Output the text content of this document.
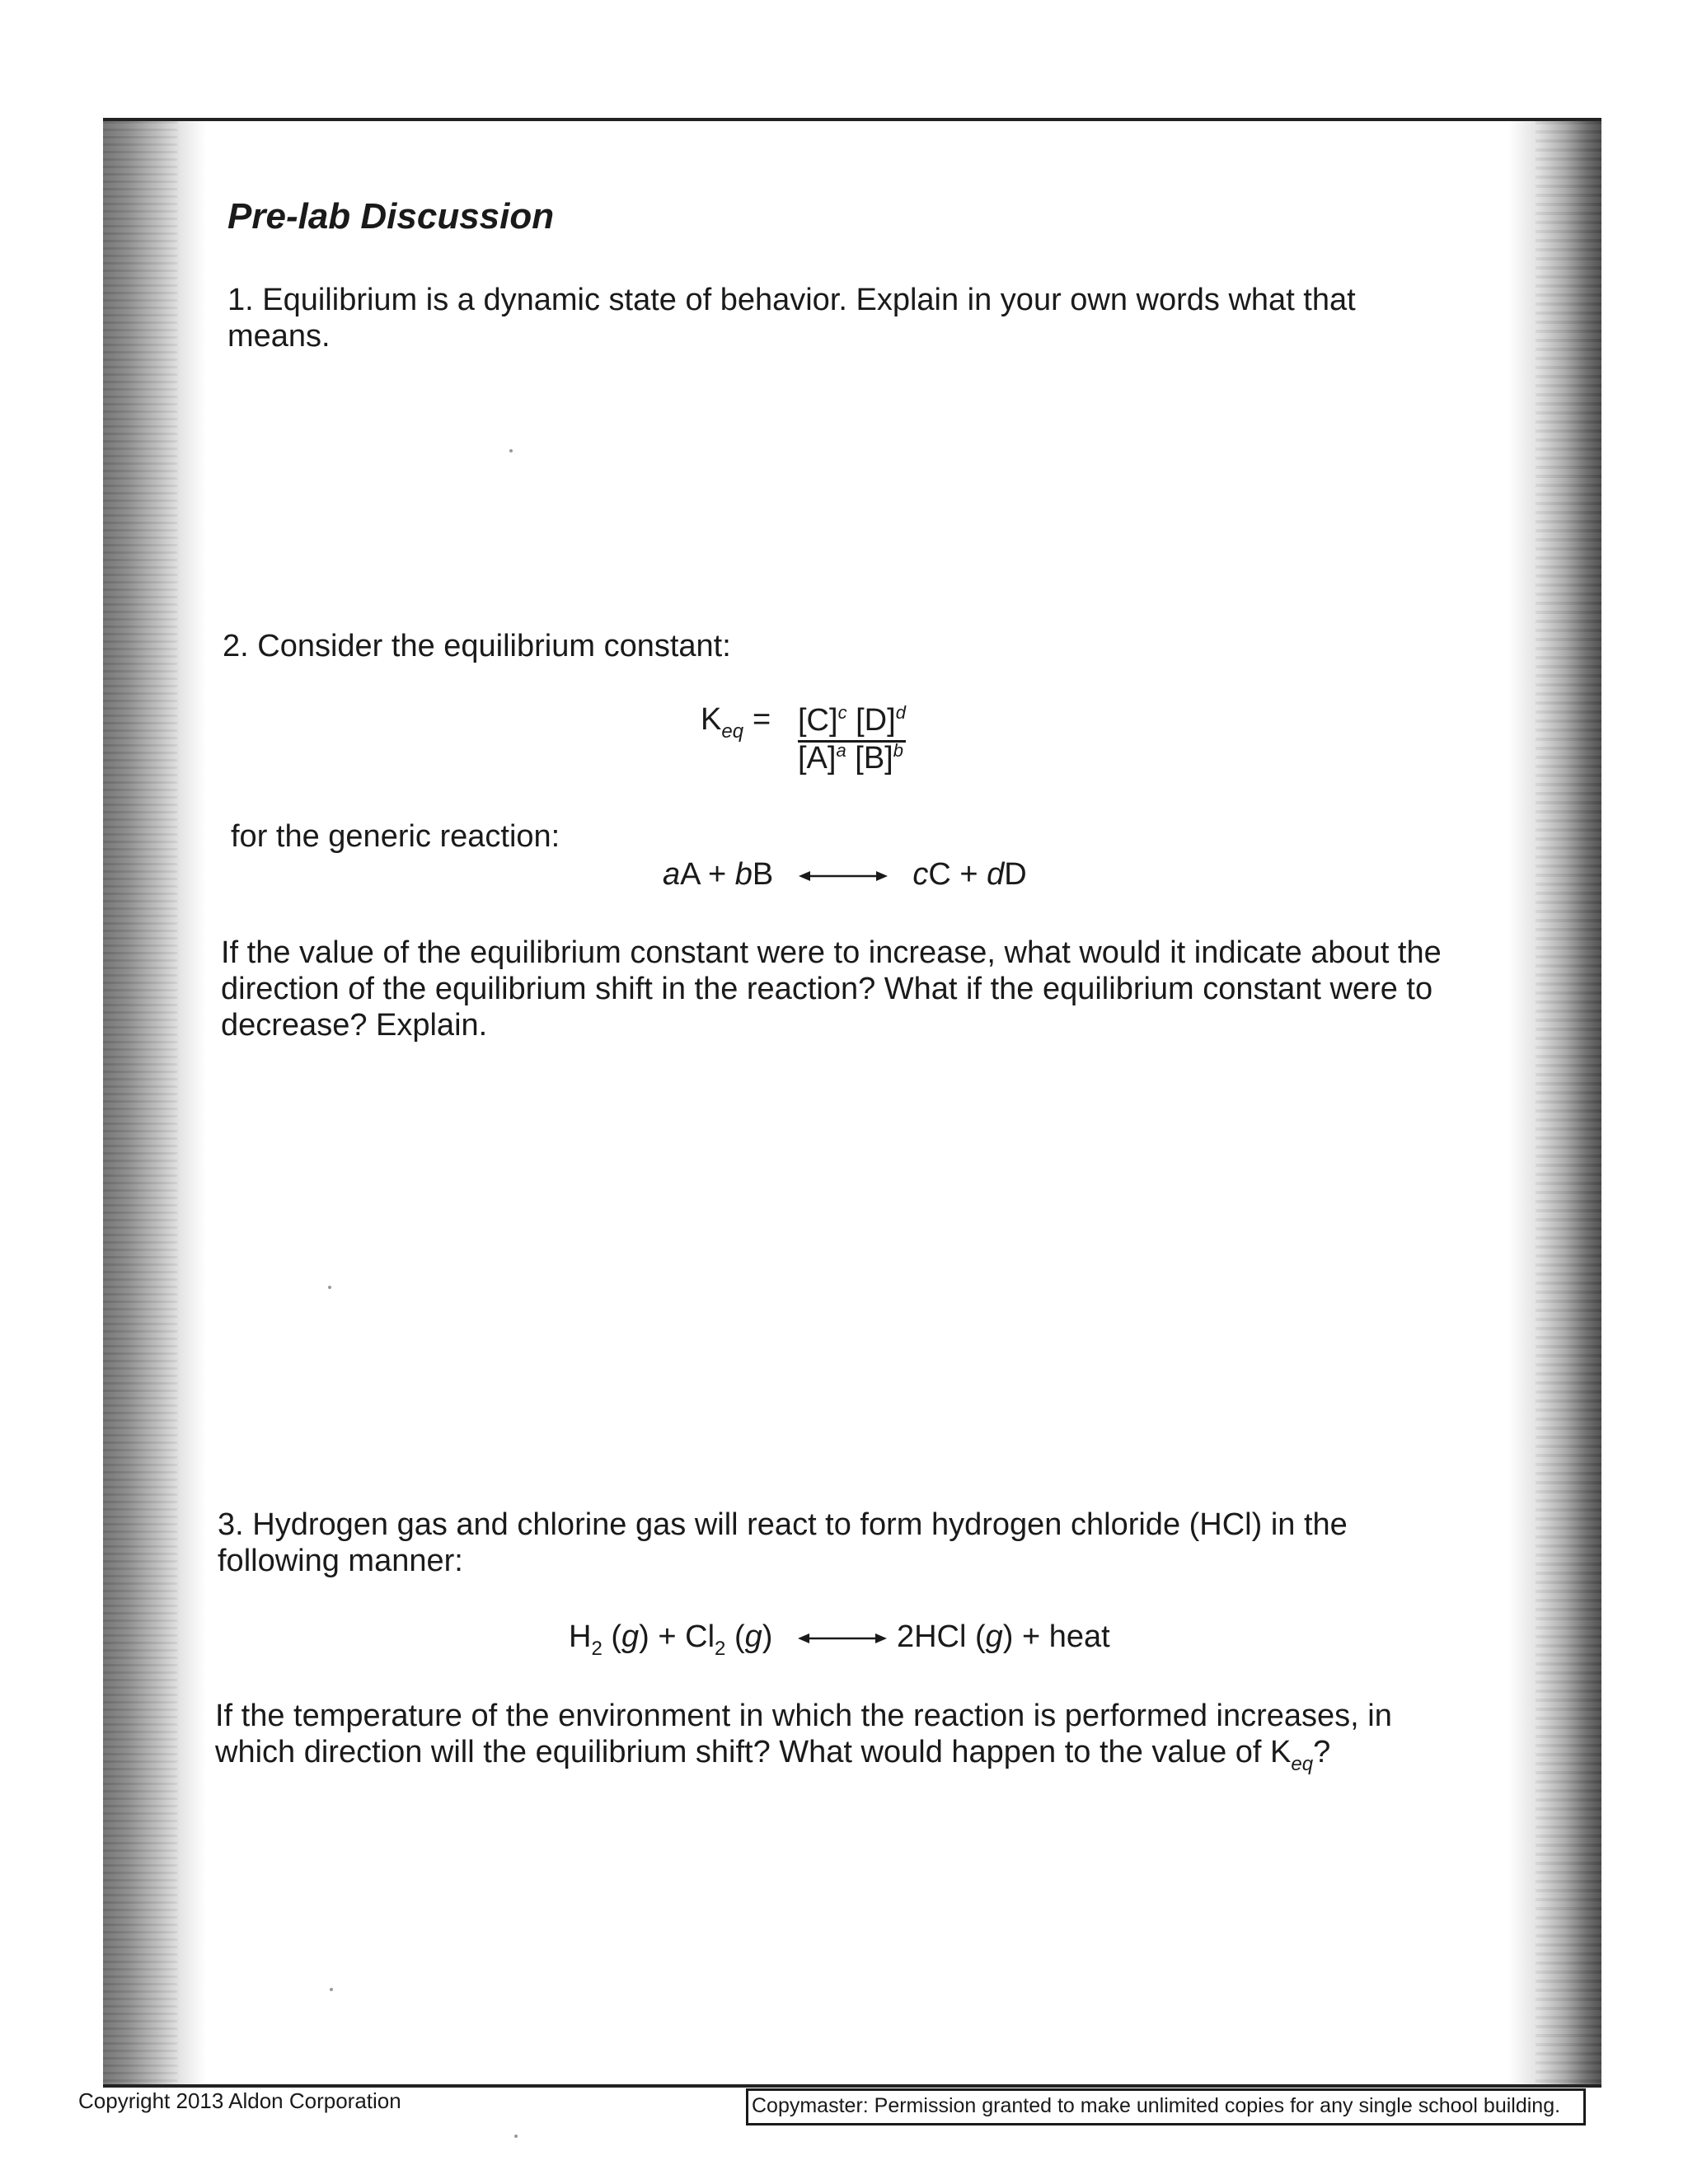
Pre-lab Discussion

1. Equilibrium is a dynamic state of behavior. Explain in your own words what that

means.

2. Consider the equilibrium constant:

$K_{eq} = [C]^c$ $[D]^d$
$[A]^a$ $[B]^b$

for the generic reaction:

aA + bB	cC + dD

If the value of the equilibrium constant were to increase, what would it indicate about the

direction of the equilibrium shift in the reaction? What if the equilibrium constant were to

decrease? Explain.

3. Hydrogen gas and chlorine gas will react to form hydrogen chloride (HCl) in the

following manner:

$H_2$ $(g) + Cl_2$ (g)	2HCl (g) + heat

If the temperature of the environment in which the reaction is performed increases, in

which direction will the equilibrium shift? What would happen to the value of $K_{eq}$?

Copyright 2013 Aldon Corporation	Copymaster: Permission granted to make unlimited copies for any single school building.
